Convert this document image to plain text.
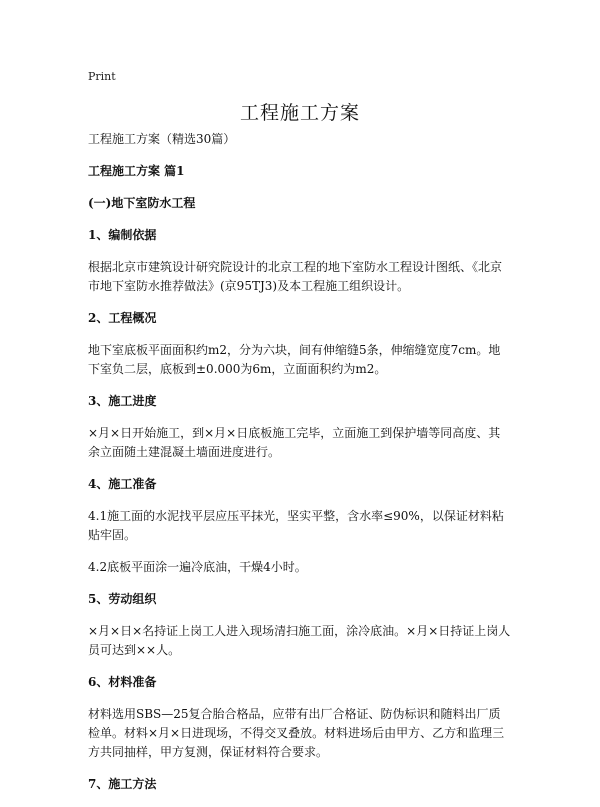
Print
工程施工方案

工程施工方案（精选30篇）

工程施工方案 篇1

(一)地下室防水工程

1、编制依据

根据北京市建筑设计研究院设计的北京工程的地下室防水工程设计图纸、《北京市地下室防水推荐做法》(京95TJ3)及本工程施工组织设计。

2、工程概况

地下室底板平面面积约m2，分为六块，间有伸缩缝5条，伸缩缝宽度7cm。地下室负二层，底板到±0.000为6m，立面面积约为m2。

3、施工进度

×月×日开始施工，到×月×日底板施工完毕，立面施工到保护墙等同高度、其余立面随土建混凝土墙面进度进行。

4、施工准备

4.1施工面的水泥找平层应压平抹光，坚实平整，含水率≤90%，以保证材料粘贴牢固。

4.2底板平面涂一遍冷底油，干燥4小时。

5、劳动组织

×月×日×名持证上岗工人进入现场清扫施工面，涂冷底油。×月×日持证上岗人员可达到××人。

6、材料准备

材料选用SBS—25复合胎合格品，应带有出厂合格证、防伪标识和随料出厂质检单。材料×月×日进现场，不得交叉叠放。材料进场后由甲方、乙方和监理三方共同抽样，甲方复测，保证材料符合要求。

7、施工方法
